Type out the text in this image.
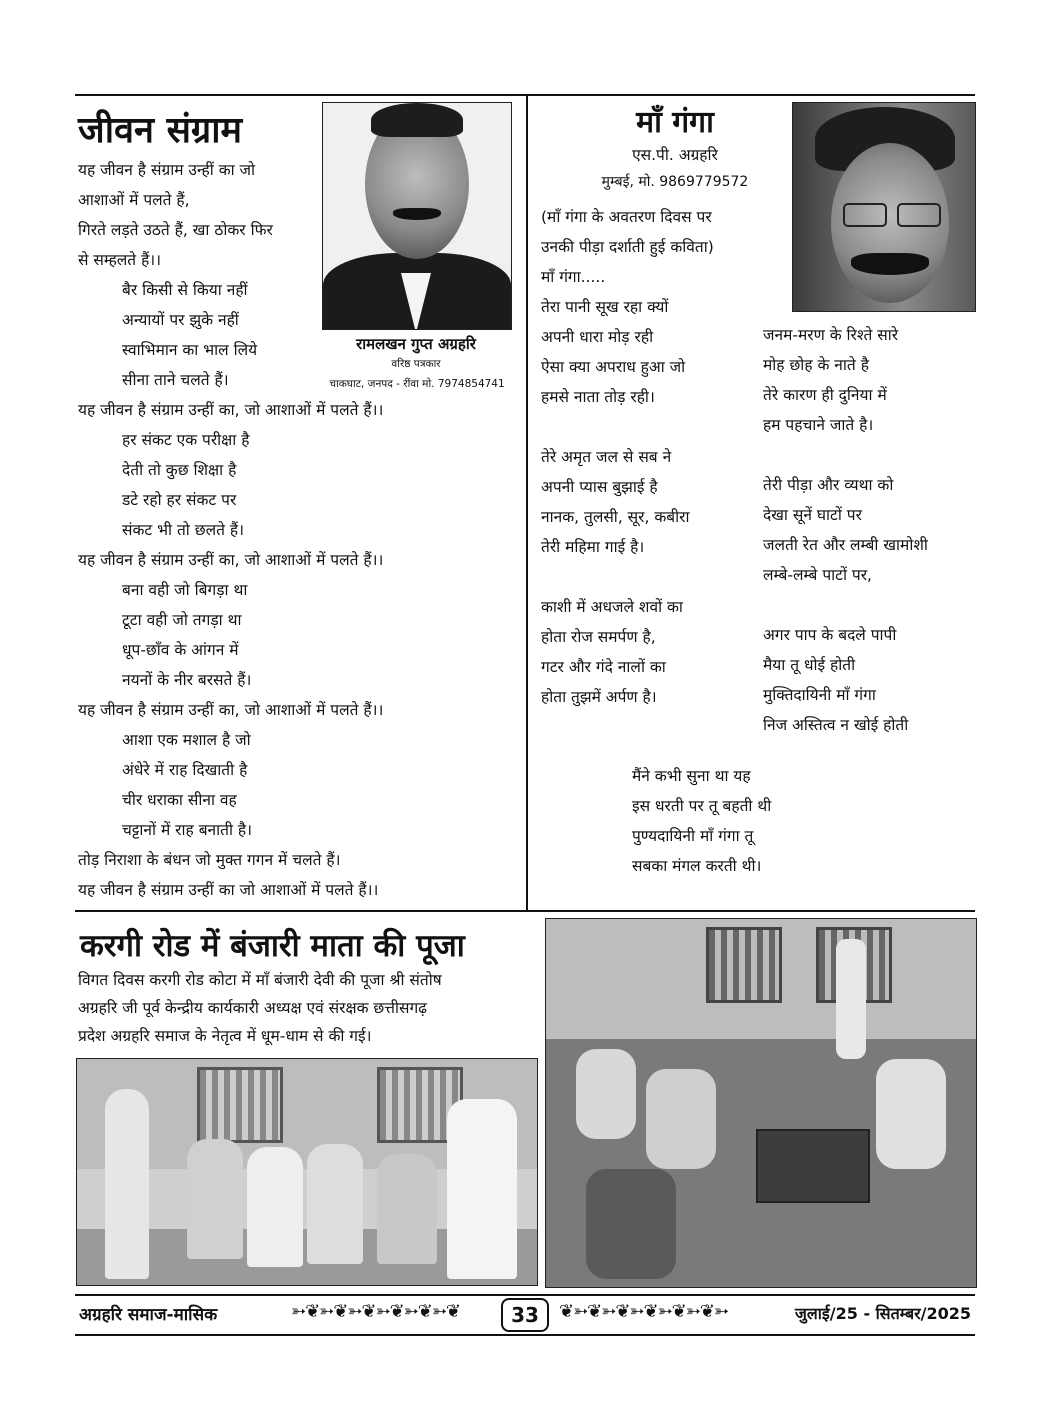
जीवन संग्राम
रामलखन गुप्त अग्रहरि
वरिष्ठ पत्रकार
चाकघाट, जनपद - रींवा मो. 7974854741
यह जीवन है संग्राम उन्हीं का जो
आशाओं में पलते हैं,
गिरते लड़ते उठते हैं, खा ठोकर फिर
से सम्हलते हैं।।
बैर किसी से किया नहीं
अन्यायों पर झुके नहीं
स्वाभिमान का भाल लिये
सीना ताने चलते हैं।
यह जीवन है संग्राम उन्हीं का, जो आशाओं में पलते हैं।।
हर संकट एक परीक्षा है
देती तो कुछ शिक्षा है
डटे रहो हर संकट पर
संकट भी तो छलते हैं।
यह जीवन है संग्राम उन्हीं का, जो आशाओं में पलते हैं।।
बना वही जो बिगड़ा था
टूटा वही जो तगड़ा था
धूप-छाँव के आंगन में
नयनों के नीर बरसते हैं।
यह जीवन है संग्राम उन्हीं का, जो आशाओं में पलते हैं।।
आशा एक मशाल है जो
अंधेरे में राह दिखाती है
चीर धराका सीना वह
चट्टानों में राह बनाती है।
तोड़ निराशा के बंधन जो मुक्त गगन में चलते हैं।
यह जीवन है संग्राम उन्हीं का जो आशाओं में पलते हैं।।
माँ गंगा
एस.पी. अग्रहरि
मुम्बई, मो. 9869779572
(माँ गंगा के अवतरण दिवस पर
उनकी पीड़ा दर्शाती हुई कविता)
माँ गंगा.....
तेरा पानी सूख रहा क्यों
अपनी धारा मोड़ रही
ऐसा क्या अपराध हुआ जो
हमसे नाता तोड़ रही।
तेरे अमृत जल से सब ने
अपनी प्यास बुझाई है
नानक, तुलसी, सूर, कबीरा
तेरी महिमा गाई है।
काशी में अधजले शवों का
होता रोज समर्पण है,
गटर और गंदे नालों का
होता तुझमें अर्पण है।
जनम-मरण के रिश्ते सारे
मोह छोह के नाते है
तेरे कारण ही दुनिया में
हम पहचाने जाते है।
तेरी पीड़ा और व्यथा को
देखा सूनें घाटों पर
जलती रेत और लम्बी खामोशी
लम्बे-लम्बे पाटों पर,
अगर पाप के बदले पापी
मैया तू धोई होती
मुक्तिदायिनी माँ गंगा
निज अस्तित्व न खोई होती
मैंने कभी सुना था यह
इस धरती पर तू बहती थी
पुण्यदायिनी माँ गंगा तू
सबका मंगल करती थी।
करगी रोड में बंजारी माता की पूजा
विगत दिवस करगी रोड कोटा में माँ बंजारी देवी की पूजा श्री संतोष
अग्रहरि जी पूर्व केन्द्रीय कार्यकारी अध्यक्ष एवं संरक्षक छत्तीसगढ़
प्रदेश अग्रहरि समाज के नेतृत्व में धूम-धाम से की गई।
अग्रहरि समाज-मासिक	➳❦➳❦➳❦➳❦➳❦➳❦	33	❦➳❦➳❦➳❦➳❦➳❦➳	जुलाई/25 - सितम्बर/2025
